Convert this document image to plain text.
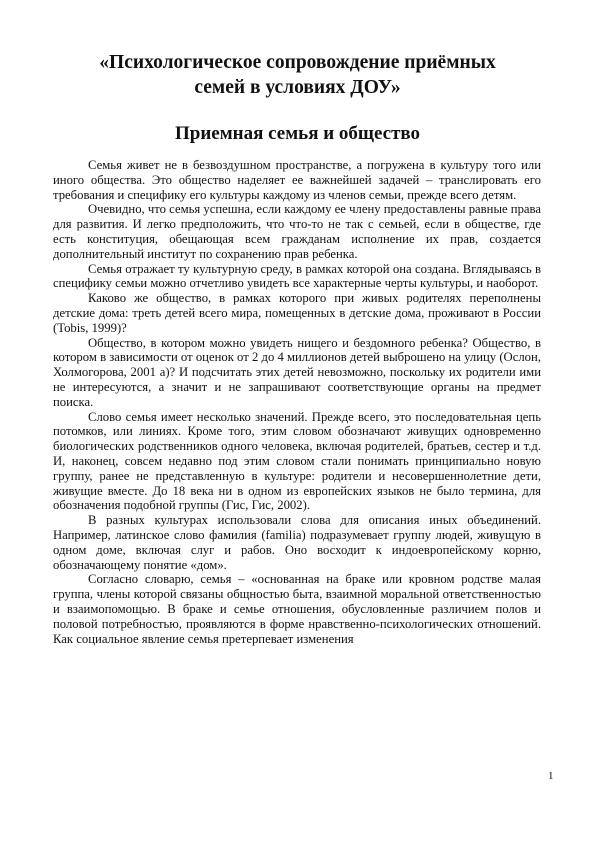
«Психологическое сопровождение приёмных
семей в условиях ДОУ»
Приемная семья и общество

Семья живет не в безвоздушном пространстве, а погружена в культуру того или иного общества. Это общество наделяет ее важнейшей задачей – транслировать его требования и специфику его культуры каждому из членов семьи, прежде всего детям.

Очевидно, что семья успешна, если каждому ее члену предоставлены равные права для развития. И легко предположить, что что-то не так с семьей, если в обществе, где есть конституция, обещающая всем гражданам исполнение их прав, создается дополнительный институт по сохранению прав ребенка.

Семья отражает ту культурную среду, в рамках которой она создана. Вглядываясь в специфику семьи можно отчетливо увидеть все характерные черты культуры, и наоборот.

Каково же общество, в рамках которого при живых родителях переполнены детские дома: треть детей всего мира, помещенных в детские дома, проживают в России (Tobis, 1999)?

Общество, в котором можно увидеть нищего и бездомного ребенка? Общество, в котором в зависимости от оценок от 2 до 4 миллионов детей выброшено на улицу (Ослон, Холмогорова, 2001 а)? И подсчитать этих детей невозможно, поскольку их родители ими не интересуются, а значит и не запрашивают соответствующие органы на предмет поиска.

Слово семья имеет несколько значений. Прежде всего, это последовательная цепь потомков, или линиях. Кроме того, этим словом обозначают живущих одновременно биологических родственников одного человека, включая родителей, братьев, сестер и т.д. И, наконец, совсем недавно под этим словом стали понимать принципиально новую группу, ранее не представленную в культуре: родители и несовершеннолетние дети, живущие вместе. До 18 века ни в одном из европейских языков не было термина, для обозначения подобной группы (Гис, Гис, 2002).

В разных культурах использовали слова для описания иных объединений. Например, латинское слово фамилия (familia) подразумевает группу людей, живущую в одном доме, включая слуг и рабов. Оно восходит к индоевропейскому корню, обозначающему понятие «дом».

Согласно словарю, семья – «основанная на браке или кровном родстве малая группа, члены которой связаны общностью быта, взаимной моральной ответственностью и взаимопомощью. В браке и семье отношения, обусловленные различием полов и половой потребностью, проявляются в форме нравственно-психологических отношений. Как социальное явление семья претерпевает изменения

1
